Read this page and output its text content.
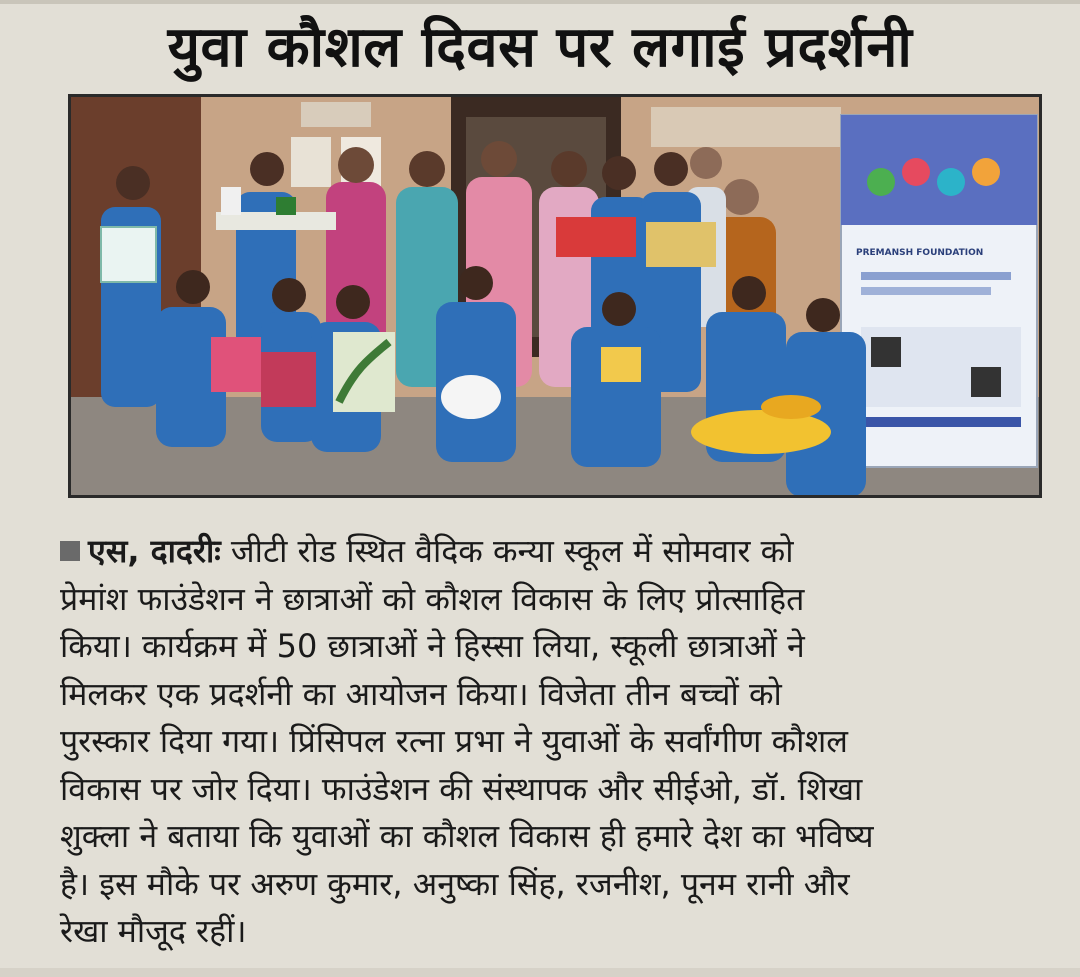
युवा कौशल दिवस पर लगाई प्रदर्शनी
PREMANSH FOUNDATION
एस, दादरीः जीटी रोड स्थित वैदिक कन्या स्कूल में सोमवार को
प्रेमांश फाउंडेशन ने छात्राओं को कौशल विकास के लिए प्रोत्साहित
किया। कार्यक्रम में 50 छात्राओं ने हिस्सा लिया, स्कूली छात्राओं ने
मिलकर एक प्रदर्शनी का आयोजन किया। विजेता तीन बच्चों को
पुरस्कार दिया गया। प्रिंसिपल रत्ना प्रभा ने युवाओं के सर्वांगीण कौशल
विकास पर जोर दिया। फाउंडेशन की संस्थापक और सीईओ, डॉ. शिखा
शुक्ला ने बताया कि युवाओं का कौशल विकास ही हमारे देश का भविष्य
है। इस मौके पर अरुण कुमार, अनुष्का सिंह, रजनीश, पूनम रानी और
रेखा मौजूद रहीं।
